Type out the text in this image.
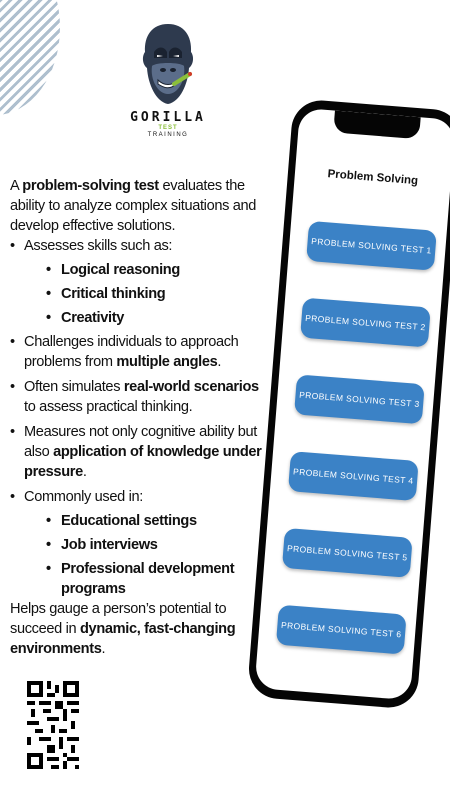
GORILLA
TEST
TRAINING

A problem-solving test evaluates the ability to analyze complex situations and develop effective solutions.

• Assesses skills such as:
• Logical reasoning
• Critical thinking
• Creativity
• Challenges individuals to approach problems from multiple angles.
• Often simulates real-world scenarios to assess practical thinking.
• Measures not only cognitive ability but also application of knowledge under pressure.
• Commonly used in:
• Educational settings
• Job interviews
• Professional development programs

Helps gauge a person’s potential to succeed in dynamic, fast-changing environments.

Problem Solving
PROBLEM SOLVING TEST 1
PROBLEM SOLVING TEST 2
PROBLEM SOLVING TEST 3
PROBLEM SOLVING TEST 4
PROBLEM SOLVING TEST 5
PROBLEM SOLVING TEST 6
